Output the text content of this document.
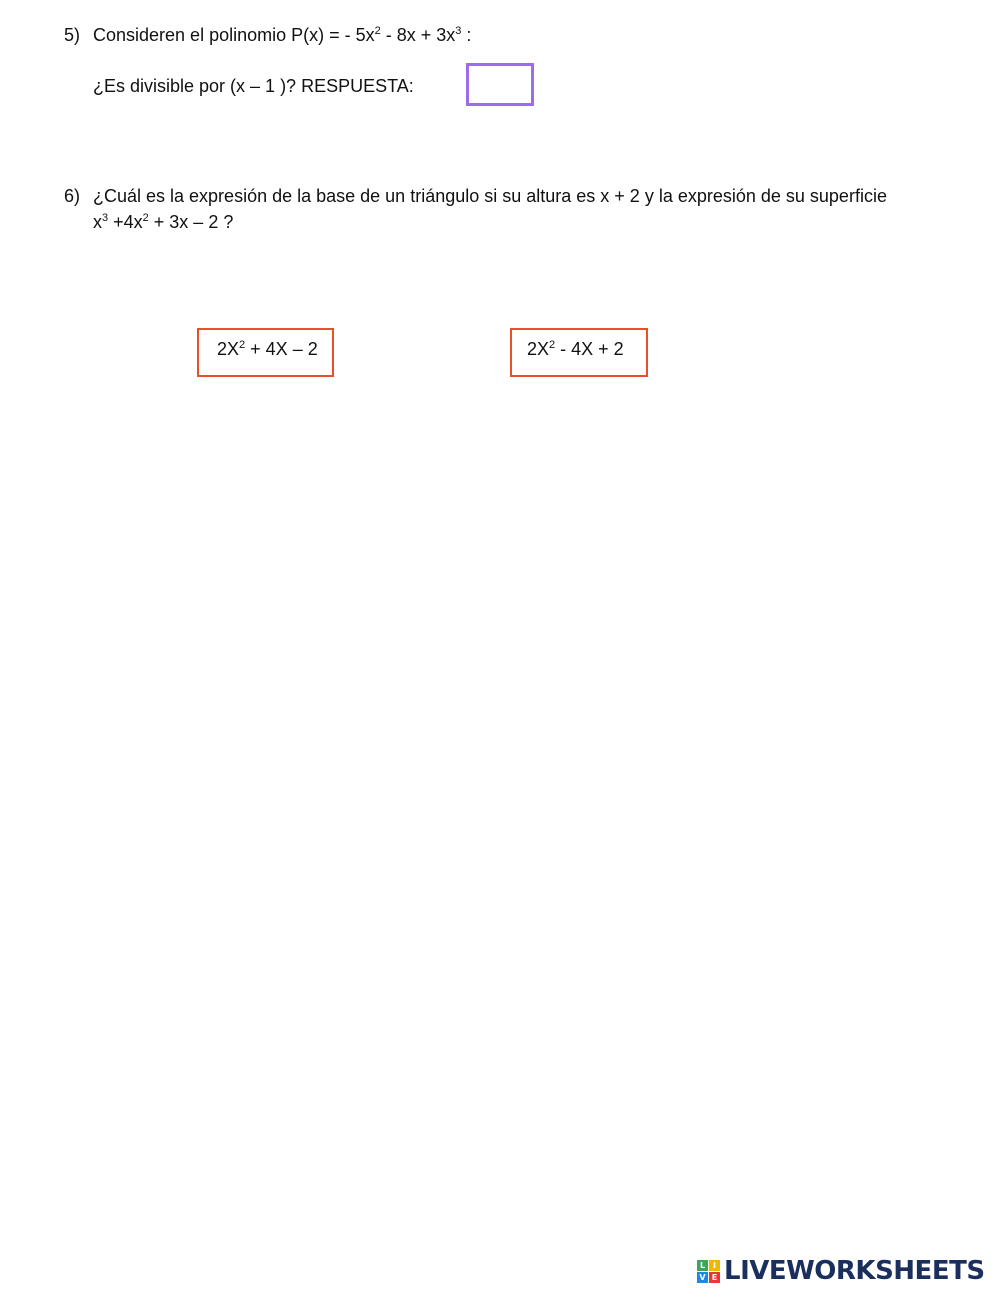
5) Consideren el polinomio P(x) = - $5x^2 - 8x + 3x^3$ :
¿Es divisible por (x – 1 )? RESPUESTA:
6) ¿Cuál es la expresión de la base de un triángulo si su altura es x + 2 y la expresión de su superficie
$x^3 +4x^2 + 3x - 2$ ?
$2X^2 + 4X - 2$	$2X^2 - 4X + 2$
L I
V E LIVEWORKSHEETS
